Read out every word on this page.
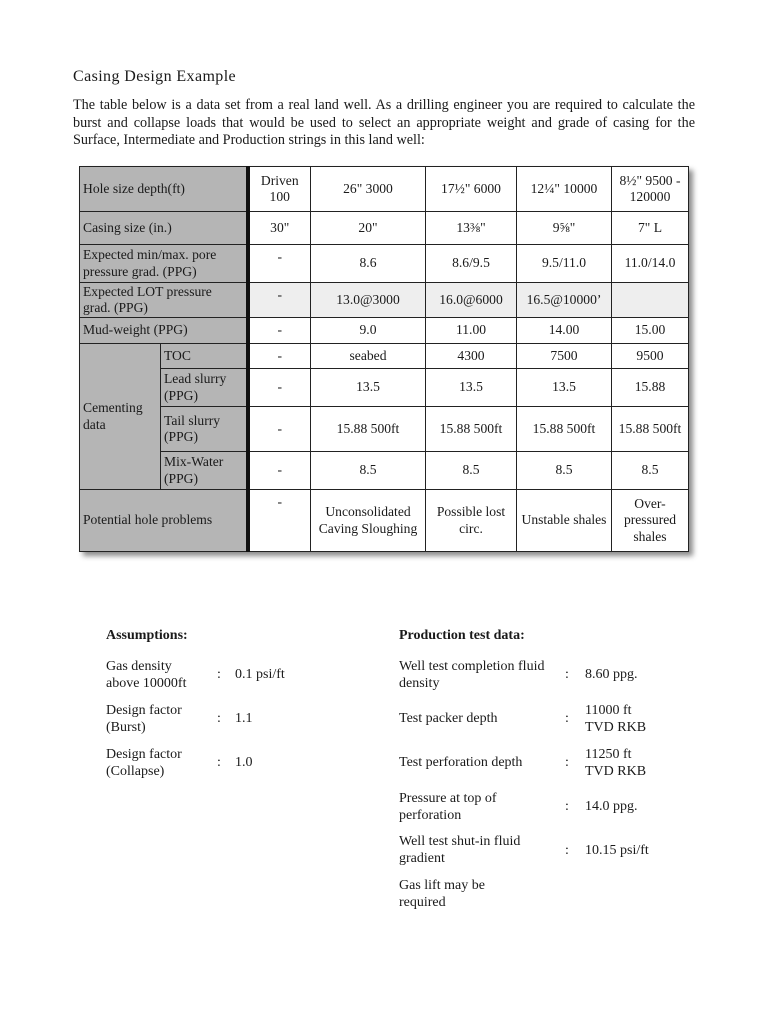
Casing Design Example
The table below is a data set from a real land well. As a drilling engineer you are required to calculate the burst and collapse loads that would be used to select an appropriate weight and grade of casing for the Surface, Intermediate and Production strings in this land well:
Hole size depth(ft)		Driven 100	26" 3000	17½" 6000	12¼" 10000	8½" 9500 - 120000
Casing size (in.)		30"	20"	13⅜"	9⅝"	7" L
Expected min/max. pore pressure grad. (PPG)		-	8.6	8.6/9.5	9.5/11.0	11.0/14.0
Expected LOT pressure grad. (PPG)		-	13.0@3000	16.0@6000	16.5@10000’	
Mud-weight (PPG)		-	9.0	11.00	14.00	15.00
Cementing data	TOC	-	seabed	4300	7500	9500
	Lead slurry (PPG)	-	13.5	13.5	13.5	15.88
	Tail slurry (PPG)	-	15.88 500ft	15.88 500ft	15.88 500ft	15.88 500ft
	Mix-Water (PPG)	-	8.5	8.5	8.5	8.5
Potential hole problems		-	Unconsolidated Caving Sloughing	Possible lost circ.	Unstable shales	Over-pressured shales
Assumptions:	Production test data:
Gas density above 10000ft
: 0.1 psi/ft
Design factor (Burst)
: 1.1
Design factor (Collapse)
: 1.0
Well test completion fluid density
: 8.60 ppg.
Test packer depth	:
11000 ft TVD RKB
Test perforation depth	:
11250 ft TVD RKB
Pressure at top of perforation
: 14.0 ppg.
Well test shut-in fluid gradient
: 10.15 psi/ft
Gas lift may be required
